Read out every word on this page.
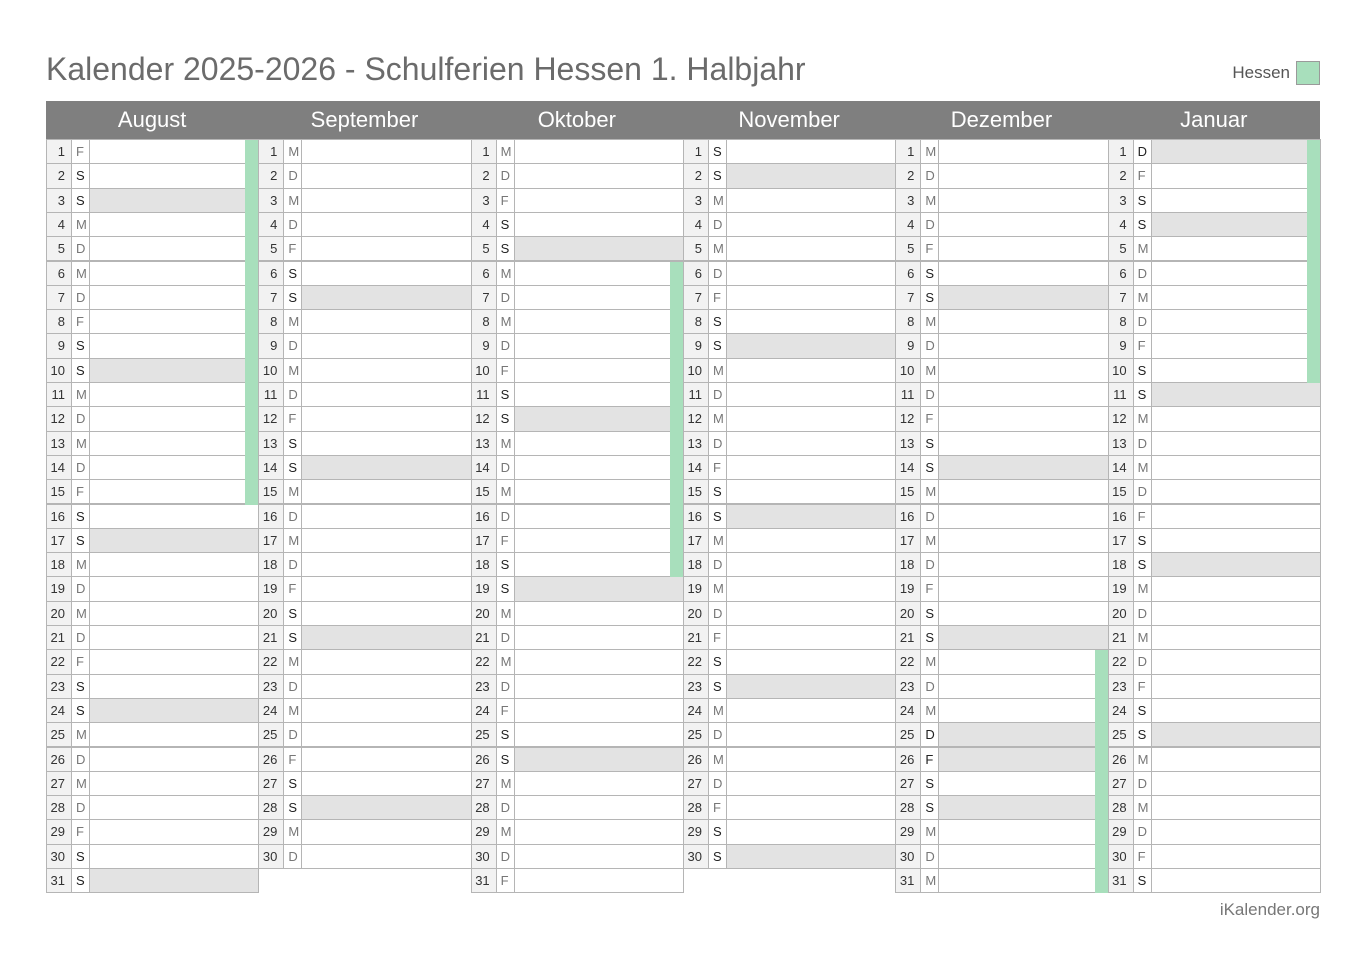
Kalender 2025-2026 - Schulferien Hessen 1. Halbjahr	Hessen
August
1 F
2 S
3 S
4 M
5 D
6 M
7 D
8 F
9 S
10 S
11 M
12 D
13 M
14 D
15 F
16 S
17 S
18 M
19 D
20 M
21 D
22 F
23 S
24 S
25 M
26 D
27 M
28 D
29 F
30 S
31 S
September
1 M
2 D
3 M
4 D
5 F
6 S
7 S
8 M
9 D
10 M
11 D
12 F
13 S
14 S
15 M
16 D
17 M
18 D
19 F
20 S
21 S
22 M
23 D
24 M
25 D
26 F
27 S
28 S
29 M
30 D
Oktober
1 M
2 D
3 F
4 S
5 S
6 M
7 D
8 M
9 D
10 F
11 S
12 S
13 M
14 D
15 M
16 D
17 F
18 S
19 S
20 M
21 D
22 M
23 D
24 F
25 S
26 S
27 M
28 D
29 M
30 D
31 F
November
1 S
2 S
3 M
4 D
5 M
6 D
7 F
8 S
9 S
10 M
11 D
12 M
13 D
14 F
15 S
16 S
17 M
18 D
19 M
20 D
21 F
22 S
23 S
24 M
25 D
26 M
27 D
28 F
29 S
30 S
Dezember
1 M
2 D
3 M
4 D
5 F
6 S
7 S
8 M
9 D
10 M
11 D
12 F
13 S
14 S
15 M
16 D
17 M
18 D
19 F
20 S
21 S
22 M
23 D
24 M
25 D
26 F
27 S
28 S
29 M
30 D
31 M
Januar
1 D
2 F
3 S
4 S
5 M
6 D
7 M
8 D
9 F
10 S
11 S
12 M
13 D
14 M
15 D
16 F
17 S
18 S
19 M
20 D
21 M
22 D
23 F
24 S
25 S
26 M
27 D
28 M
29 D
30 F
31 S
iKalender.org
